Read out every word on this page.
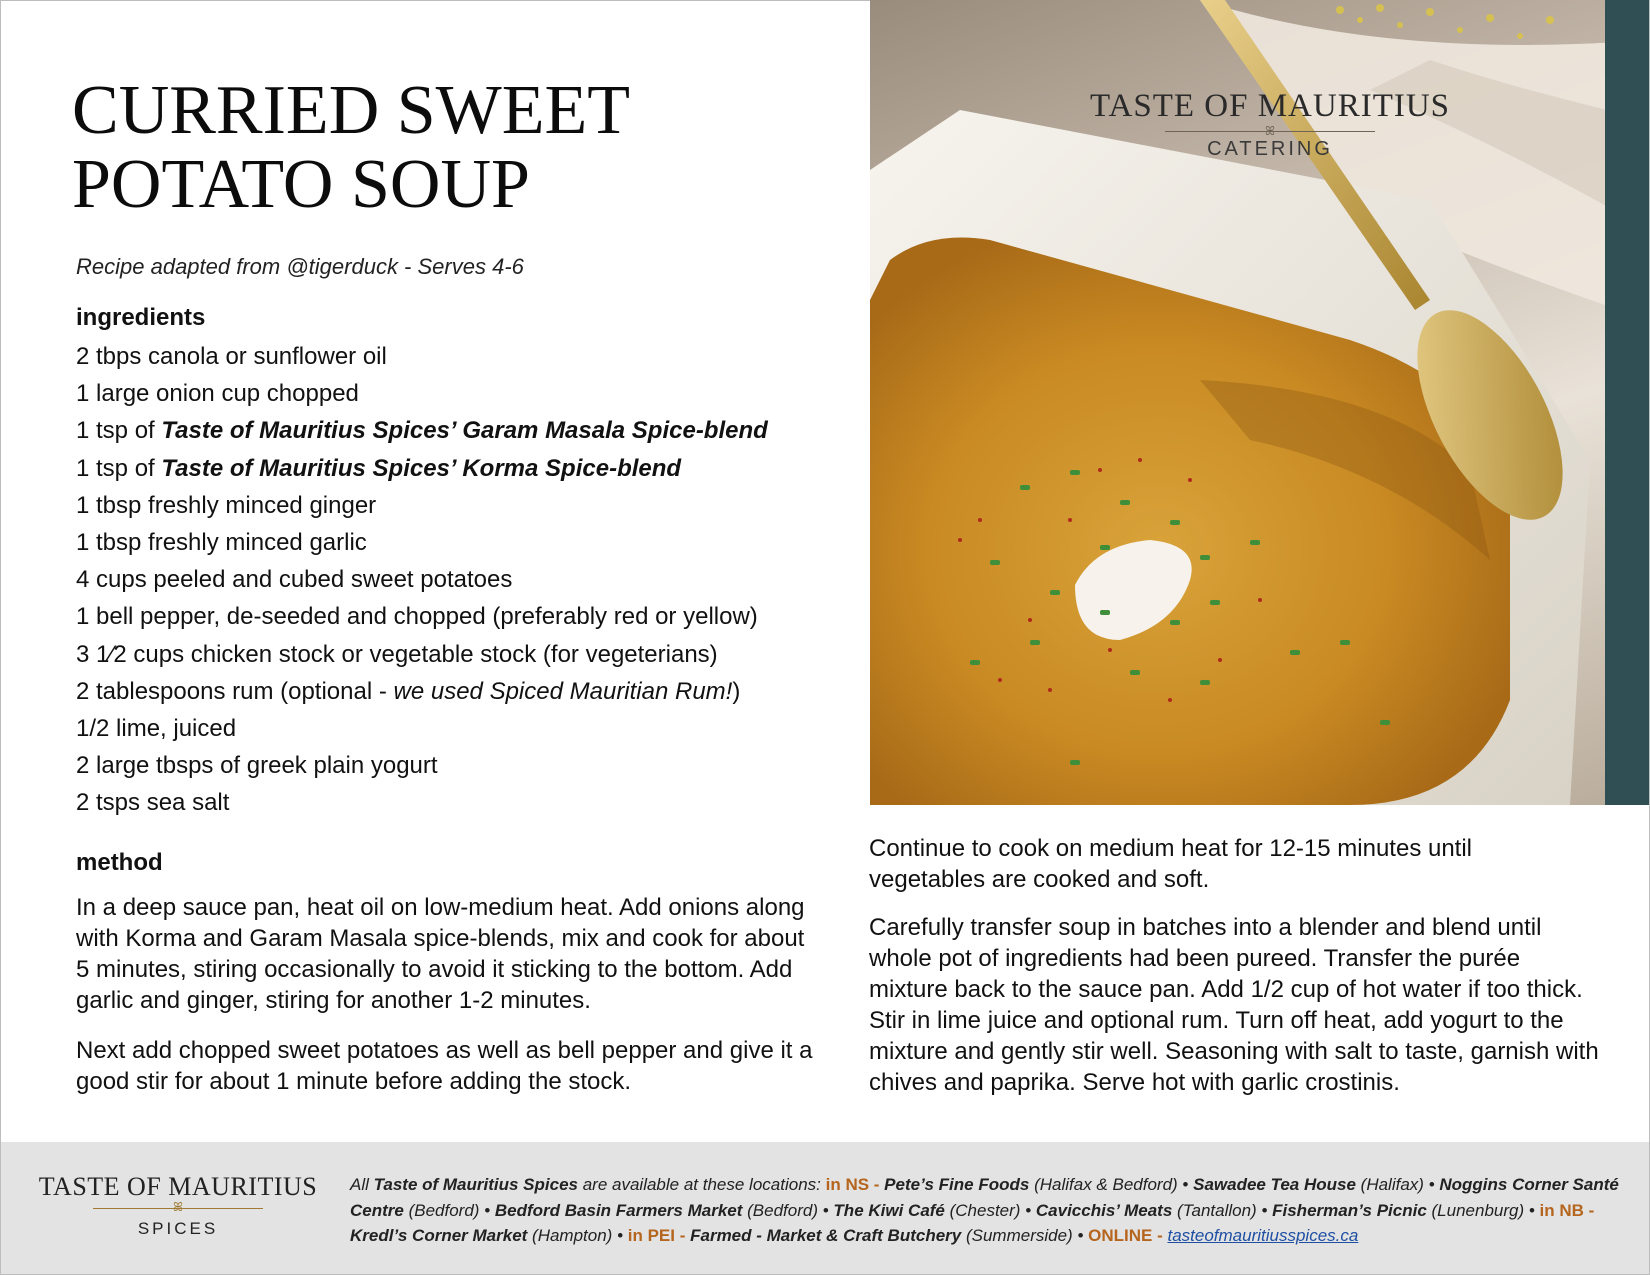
CURRIED SWEET
POTATO SOUP
Recipe adapted from @tigerduck - Serves 4-6
ingredients
2 tbps canola or sunflower oil
1 large onion cup chopped
1 tsp of Taste of Mauritius Spices’ Garam Masala Spice-blend
1 tsp of Taste of Mauritius Spices’ Korma Spice-blend
1 tbsp freshly minced ginger
1 tbsp freshly minced garlic
4 cups peeled and cubed sweet potatoes
1 bell pepper, de-seeded and chopped (preferably red or yellow)
3 1⁄2 cups chicken stock or vegetable stock (for vegeterians)
2 tablespoons rum (optional - we used Spiced Mauritian Rum!)
1/2 lime, juiced
2 large tbsps of greek plain yogurt
2 tsps sea salt
method

In a deep sauce pan, heat oil on low-medium heat. Add onions along with Korma and Garam Masala spice-blends, mix and cook for about 5 minutes, stiring occasionally to avoid it sticking to the bottom. Add garlic and ginger, stiring for another 1-2 minutes.

Next add chopped sweet potatoes as well as bell pepper and give it a good stir for about 1 minute before adding the stock.

Continue to cook on medium heat for 12-15 minutes until vegetables are cooked and soft.

Carefully transfer soup in batches into a blender and blend until whole pot of ingredients had been pureed. Transfer the purée mixture back to the sauce pan. Add 1/2 cup of hot water if too thick. Stir in lime juice and optional rum. Turn off heat, add yogurt to the mixture and gently stir well. Seasoning with salt to taste, garnish with chives and paprika. Serve hot with garlic crostinis.

TASTE OF MAURITIUS
ꕤ
CATERING
TASTE OF MAURITIUS
ꕤ
SPICES
All Taste of Mauritius Spices are available at these locations: in NS - Pete’s Fine Foods (Halifax & Bedford) • Sawadee Tea House (Halifax) • Noggins Corner Santé Centre (Bedford) • Bedford Basin Farmers Market (Bedford) • The Kiwi Café (Chester) • Cavicchis’ Meats (Tantallon) • Fisherman’s Picnic (Lunenburg) • in NB - Kredl’s Corner Market (Hampton) • in PEI - Farmed - Market & Craft Butchery (Summerside) • ONLINE - tasteofmauritiusspices.ca
